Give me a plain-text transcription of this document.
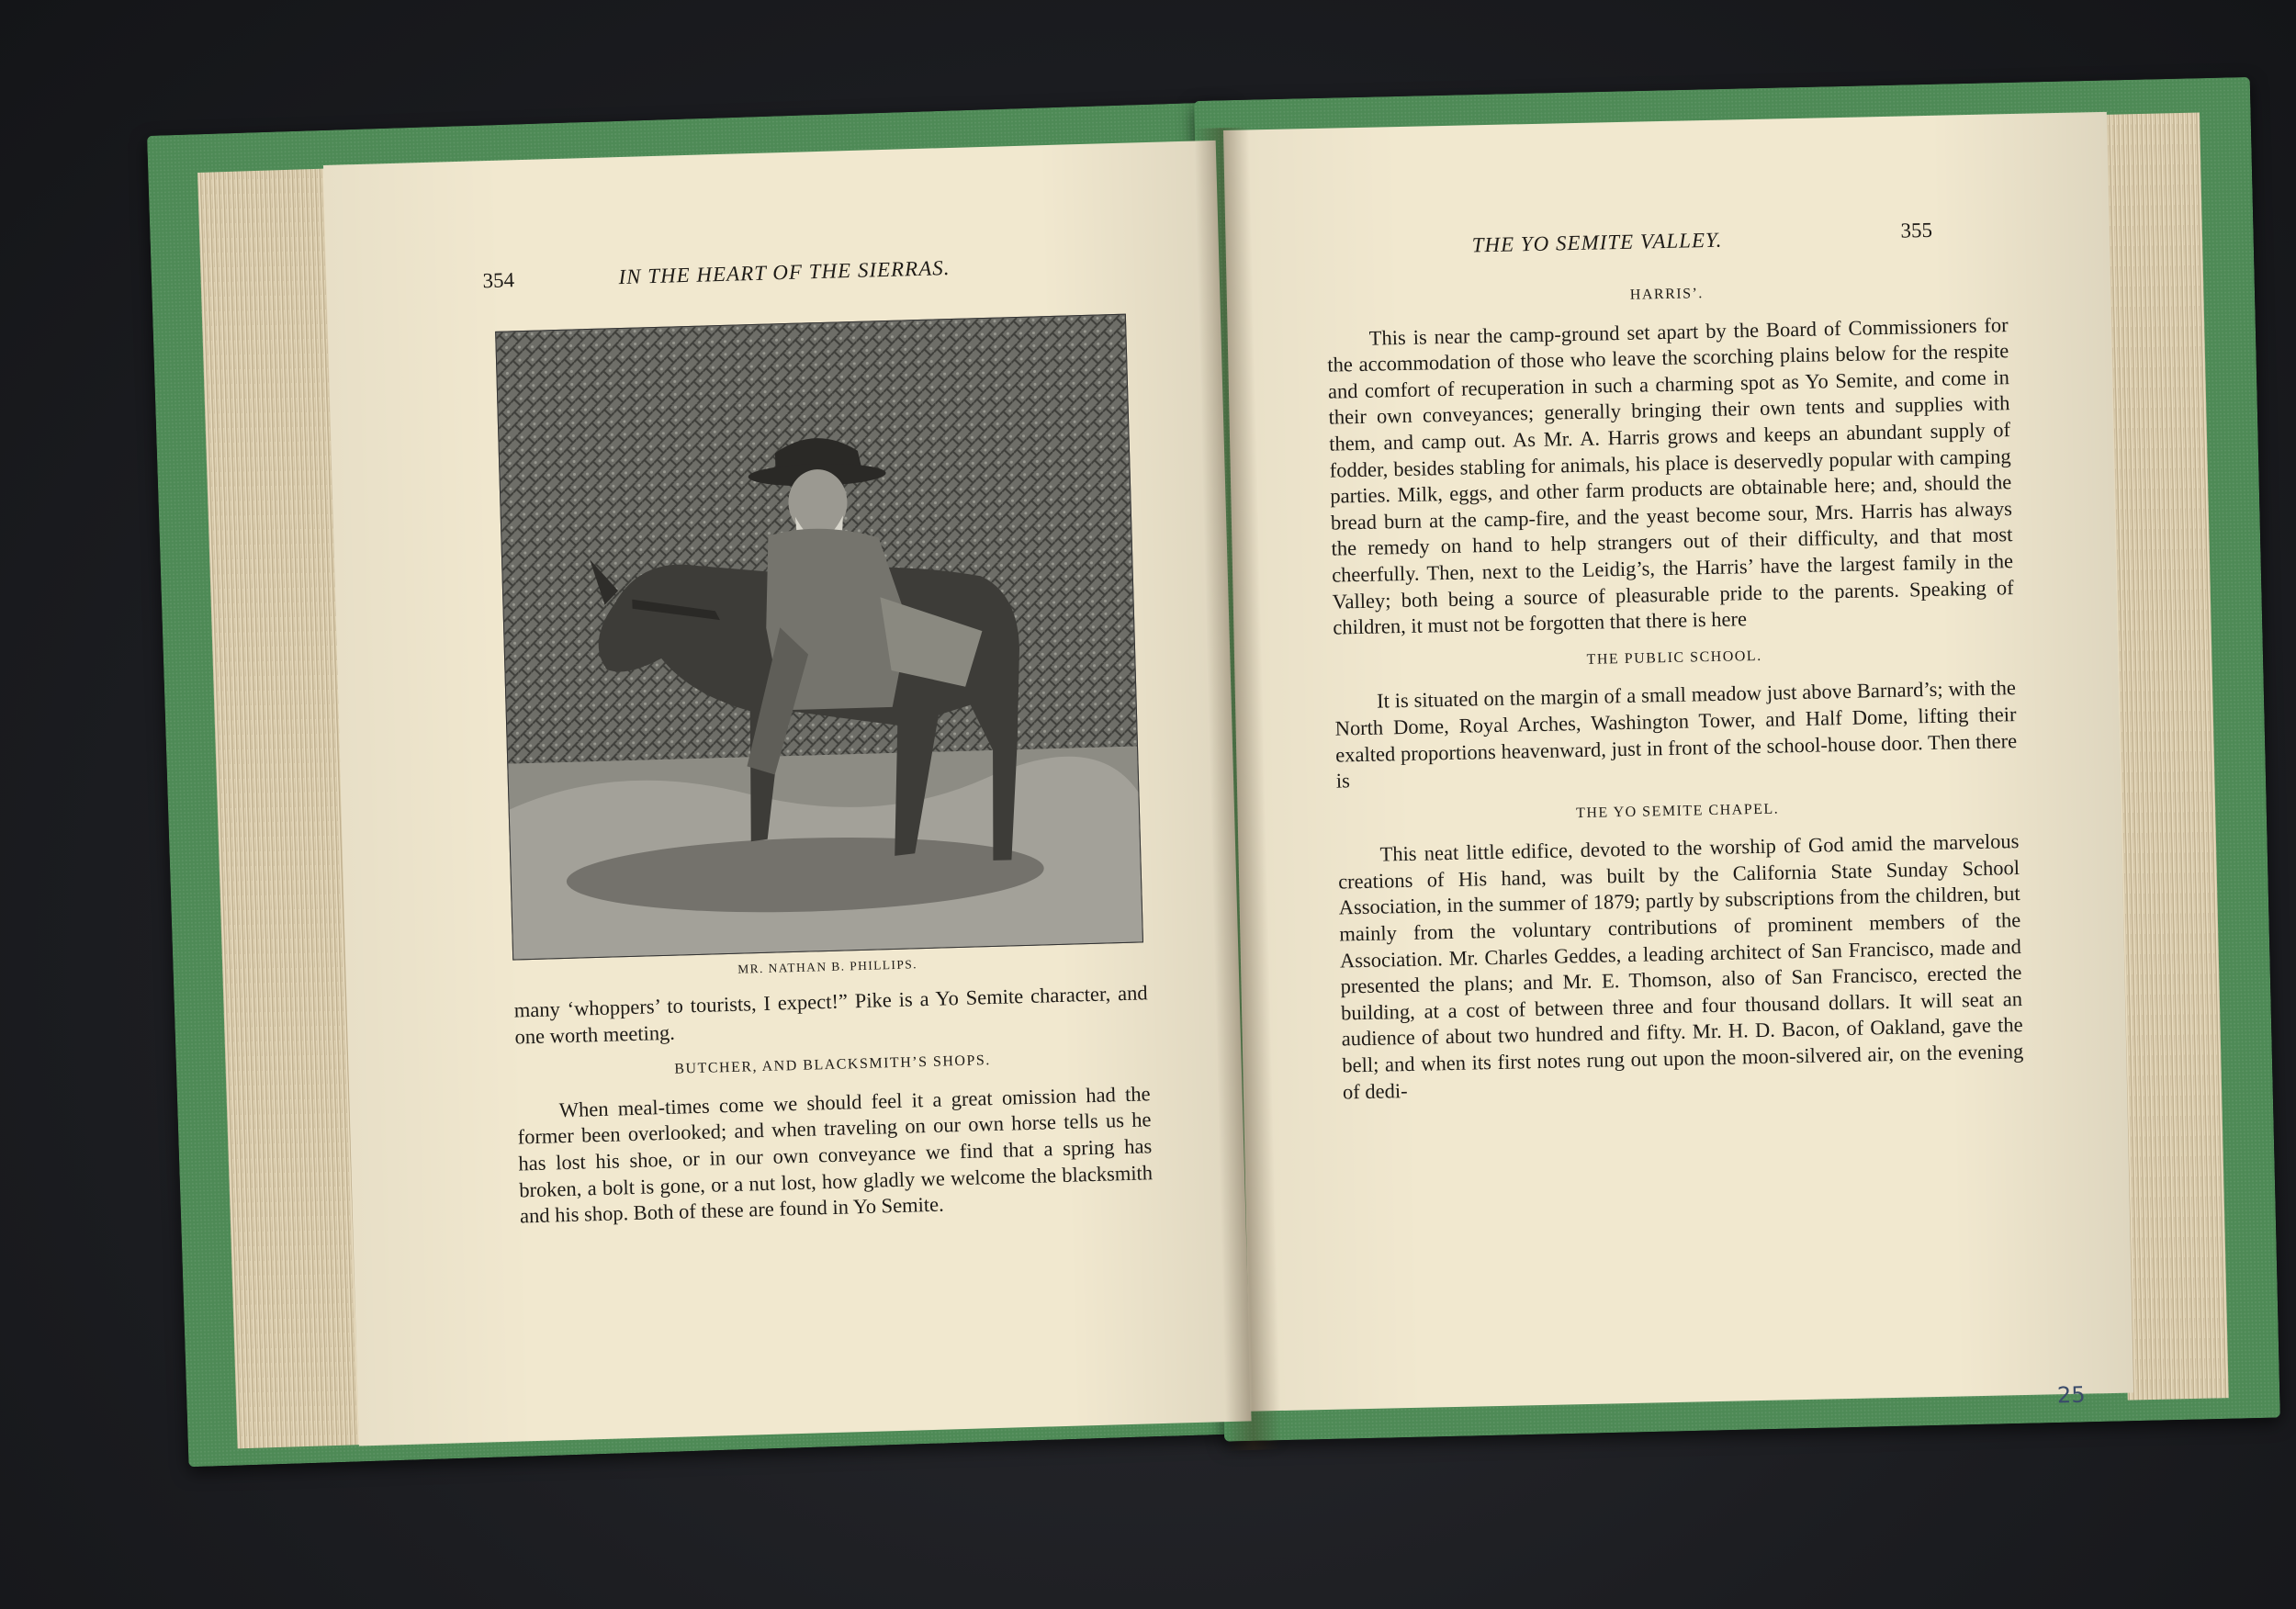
354	IN THE HEART OF THE SIERRAS.
MR. NATHAN B. PHILLIPS.

many ‘whoppers’ to tourists, I expect!” Pike is a Yo Semite character, and one worth meeting.

BUTCHER, AND BLACKSMITH’S SHOPS.

When meal-times come we should feel it a great omission had the former been overlooked; and when traveling on our own horse tells us he has lost his shoe, or in our own conveyance we find that a spring has broken, a bolt is gone, or a nut lost, how gladly we welcome the blacksmith and his shop. Both of these are found in Yo Semite.

THE YO SEMITE VALLEY.	355
HARRIS’.

This is near the camp-ground set apart by the Board of Commissioners for the accommodation of those who leave the scorching plains below for the respite and comfort of recuperation in such a charming spot as Yo Semite, and come in their own conveyances; generally bringing their own tents and supplies with them, and camp out. As Mr. A. Harris grows and keeps an abundant supply of fodder, besides stabling for animals, his place is deservedly popular with camping parties. Milk, eggs, and other farm products are obtainable here; and, should the bread burn at the camp-fire, and the yeast become sour, Mrs. Harris has always the remedy on hand to help strangers out of their difficulty, and that most cheerfully. Then, next to the Leidig’s, the Harris’ have the largest family in the Valley; both being a source of pleasurable pride to the parents. Speaking of children, it must not be forgotten that there is here

THE PUBLIC SCHOOL.

It is situated on the margin of a small meadow just above Barnard’s; with the North Dome, Royal Arches, Washington Tower, and Half Dome, lifting their exalted proportions heavenward, just in front of the school-house door. Then there is

THE YO SEMITE CHAPEL.

This neat little edifice, devoted to the worship of God amid the marvelous creations of His hand, was built by the California State Sunday School Association, in the summer of 1879; partly by subscriptions from the children, but mainly from the voluntary contributions of prominent members of the Association. Mr. Charles Geddes, a leading architect of San Francisco, made and presented the plans; and Mr. E. Thomson, also of San Francisco, erected the building, at a cost of between three and four thousand dollars. It will seat an audience of about two hundred and fifty. Mr. H. D. Bacon, of Oakland, gave the bell; and when its first notes rung out upon the moon-silvered air, on the evening of dedi-

25
